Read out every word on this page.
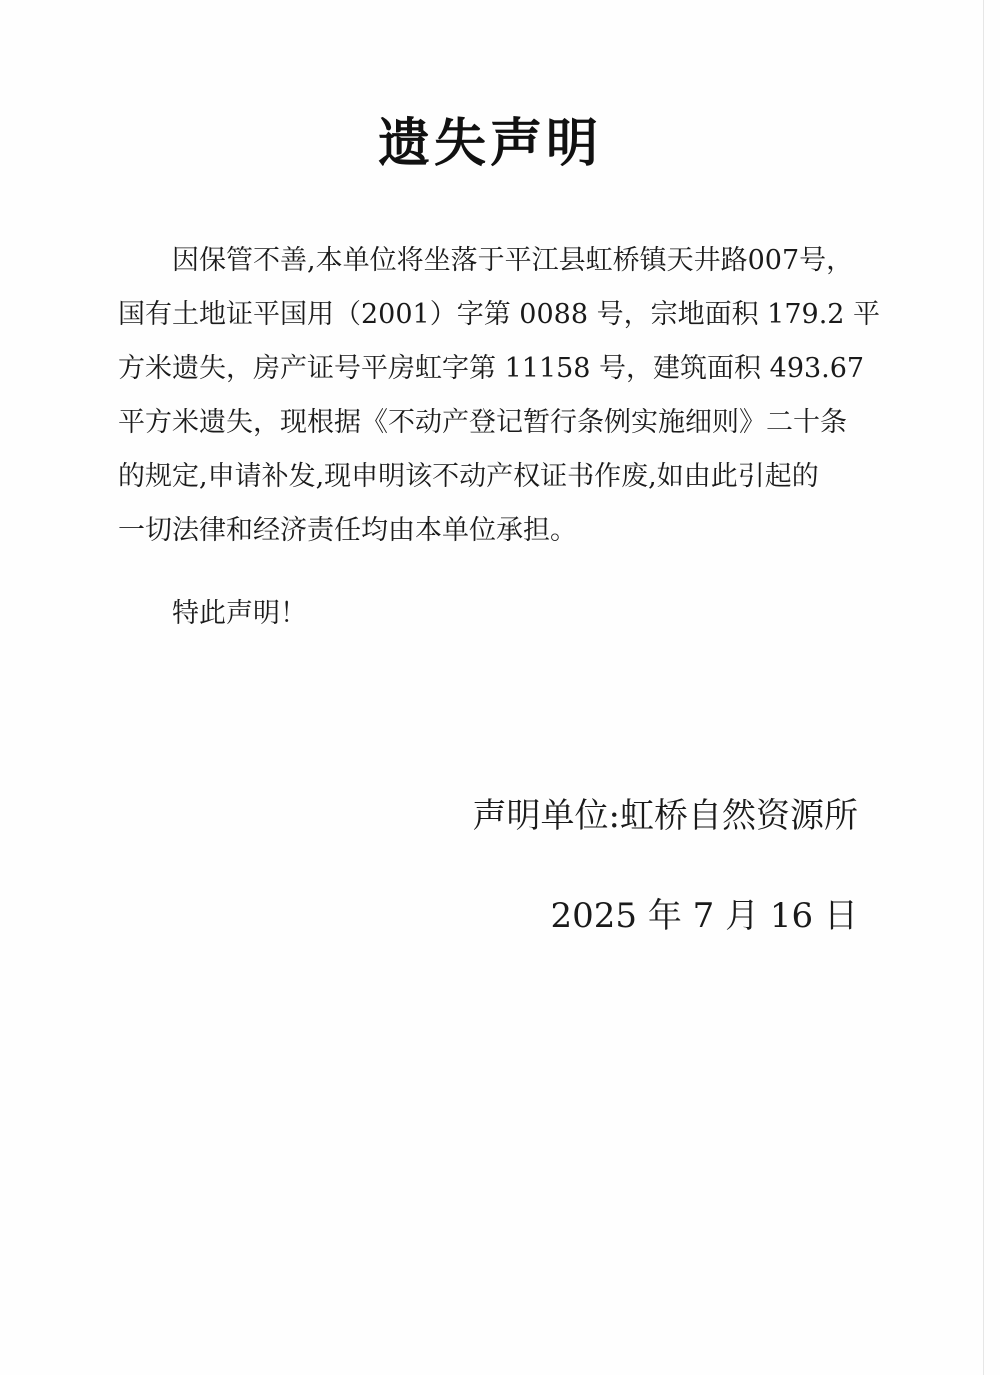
遗失声明
因保管不善,本单位将坐落于平江县虹桥镇天井路007号，
国有土地证平国用（2001）字第 0088 号，宗地面积 179.2 平
方米遗失，房产证号平房虹字第 11158 号，建筑面积 493.67
平方米遗失，现根据《不动产登记暂行条例实施细则》二十条
的规定,申请补发,现申明该不动产权证书作废,如由此引起的
一切法律和经济责任均由本单位承担。
特此声明！
声明单位:虹桥自然资源所
2025 年 7 月 16 日
